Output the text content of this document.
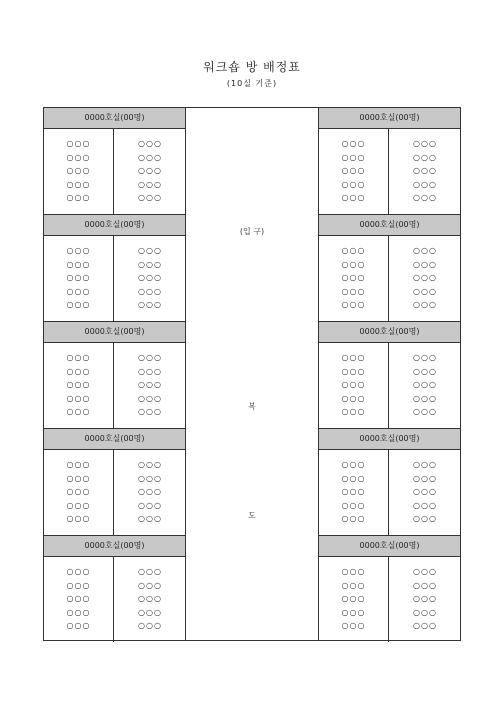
워크숍 방 배정표
(10실 기준)
0000호실(00명)
○○○
○○○
○○○
○○○
○○○
○○○
○○○
○○○
○○○
○○○
0000호실(00명)
○○○
○○○
○○○
○○○
○○○
○○○
○○○
○○○
○○○
○○○
0000호실(00명)
○○○
○○○
○○○
○○○
○○○
○○○
○○○
○○○
○○○
○○○
0000호실(00명)
○○○
○○○
○○○
○○○
○○○
○○○
○○○
○○○
○○○
○○○
0000호실(00명)
○○○
○○○
○○○
○○○
○○○
○○○
○○○
○○○
○○○
○○○
(입 구)
복
도
0000호실(00명)
○○○
○○○
○○○
○○○
○○○
○○○
○○○
○○○
○○○
○○○
0000호실(00명)
○○○
○○○
○○○
○○○
○○○
○○○
○○○
○○○
○○○
○○○
0000호실(00명)
○○○
○○○
○○○
○○○
○○○
○○○
○○○
○○○
○○○
○○○
0000호실(00명)
○○○
○○○
○○○
○○○
○○○
○○○
○○○
○○○
○○○
○○○
0000호실(00명)
○○○
○○○
○○○
○○○
○○○
○○○
○○○
○○○
○○○
○○○
